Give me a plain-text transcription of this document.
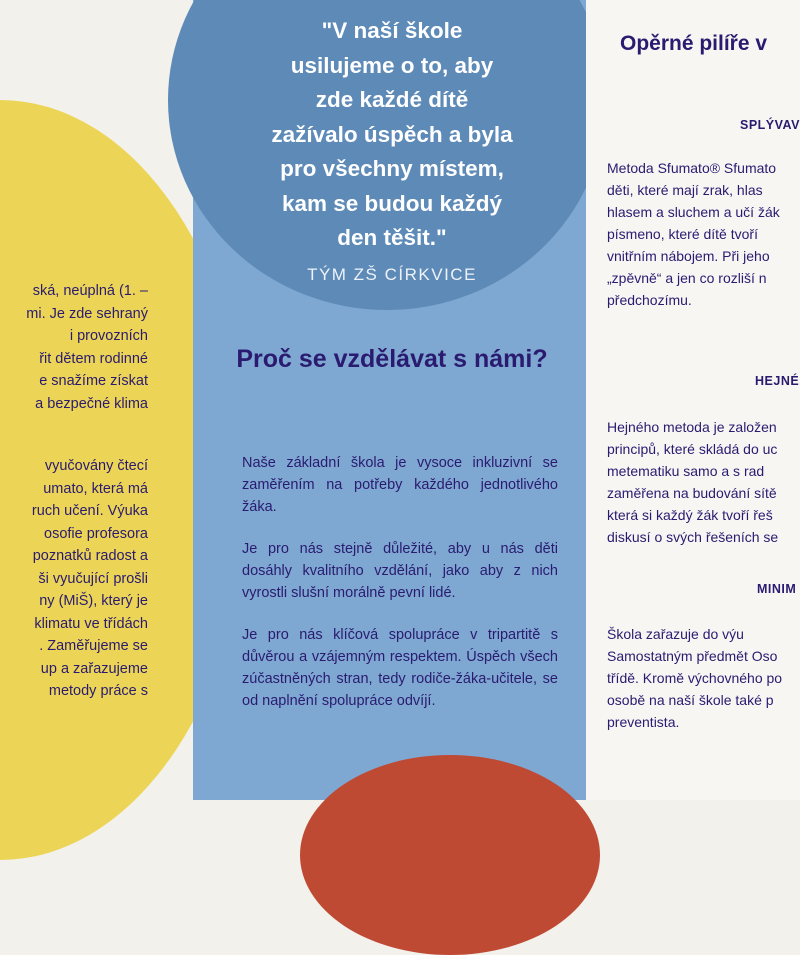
"V naší škole
usilujeme o to, aby
zde každé dítě
zažívalo úspěch a byla
pro všechny místem,
kam se budou každý
den těšit."
TÝM ZŠ CÍRKVICE
Proč se vzdělávat s námi?

Naše základní škola je vysoce inkluzivní se zaměřením na potřeby každého jednotlivého žáka.

Je pro nás stejně důležité, aby u nás děti dosáhly kvalitního vzdělání, jako aby z nich vyrostli slušní morálně pevní lidé.

Je pro nás klíčová spolupráce v tripartitě s důvěrou a vzájemným respektem. Úspěch všech zúčastněných stran, tedy rodiče-žáka-učitele, se od naplnění spolupráce odvíjí.

ská, neúplná (1. –
mi. Je zde sehraný
i provozních
řit dětem rodinné
e snažíme získat
a bezpečné klima

vyučovány čtecí
umato, která má
ruch učení. Výuka
osofie profesora
poznatků radost a
ši vyučující prošli
ny (MiŠ), který je
klimatu ve třídách
. Zaměřujeme se
up a zařazujeme
metody práce s

Opěrné pilíře v
SPLÝVAV
Metoda Sfumato® Sfumato
děti, které mají zrak, hlas
hlasem a sluchem a učí žák
písmeno, které dítě tvoří
vnitřním nábojem. Při jeho
„zpěvně“ a jen co rozliší n
předchozímu.
HEJNÉ
Hejného metoda je založen
principů, které skládá do uc
metematiku samo a s rad
zaměřena na budování sítě
která si každý žák tvoří řeš
diskusí o svých řešeních se
MINIM
Škola zařazuje do výu
Samostatným předmět Oso
třídě. Kromě výchovného po
osobě na naší škole také p
preventista.
